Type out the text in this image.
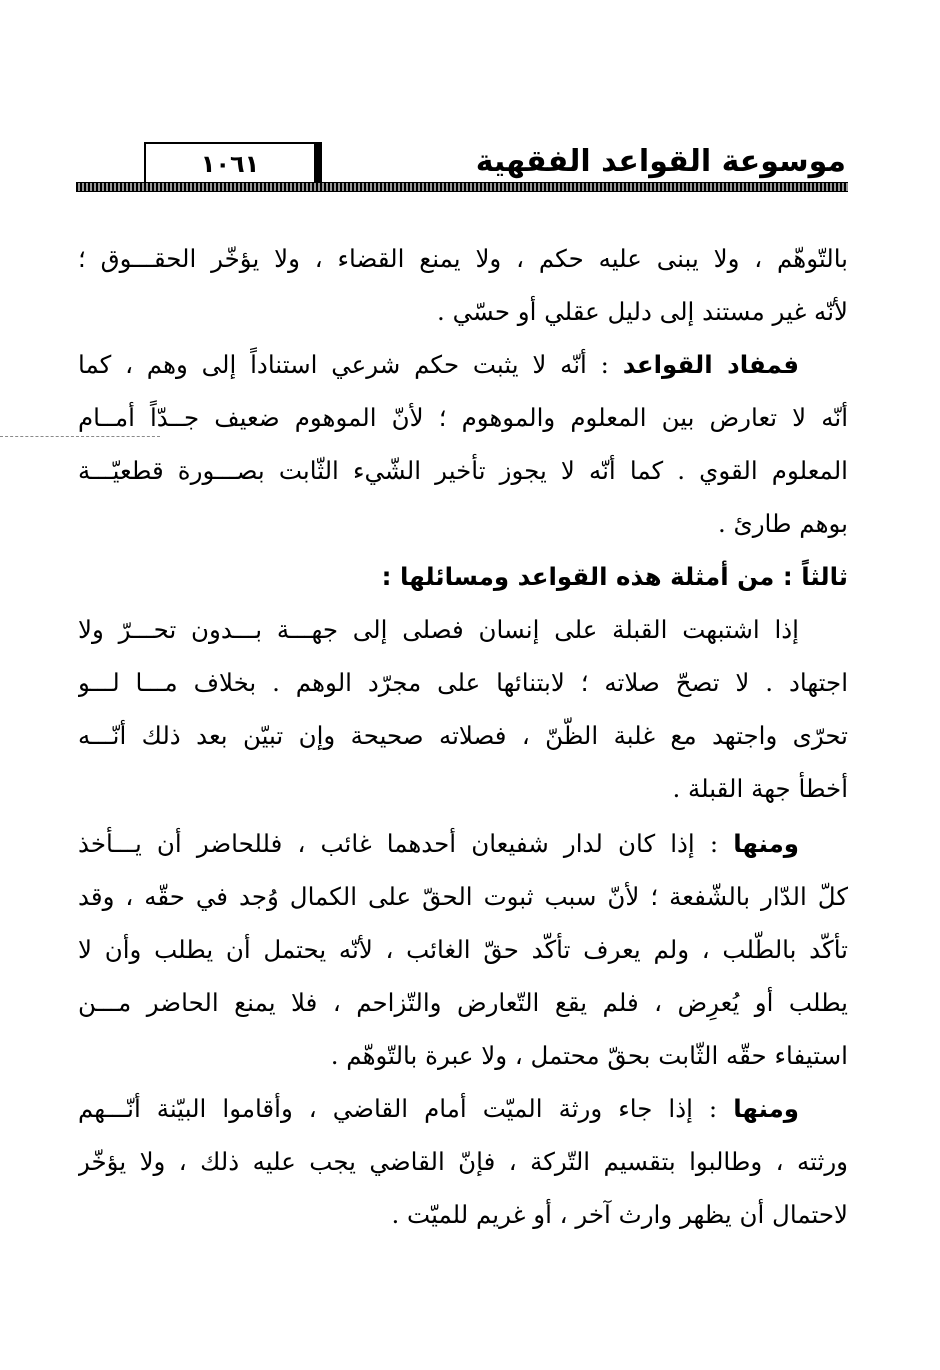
موسوعة القواعد الفقهية
١٠٦١
بالتّوهّم ، ولا يبنى عليه حكم ، ولا يمنع القضاء ، ولا يؤخّر الحقـــوق ؛
لأنّه غير مستند إلى دليل عقلي أو حسّي .
  فمفاد القواعد : أنّه لا يثبت حكم شرعي استناداً إلى وهم ، كما
أنّه لا تعارض بين المعلوم والموهوم ؛ لأنّ الموهوم ضعيف جــدّاً أمــام
المعلوم القوي . كما أنّه لا يجوز تأخير الشّيء الثّابت بصـــورة قطعيّـــة
بوهم طارئ .
ثالثاً : من أمثلة هذه القواعد ومسائلها :
  إذا اشتبهت القبلة على إنسان فصلى إلى جهـــة بـــدون تحـــرّ ولا
اجتهاد . لا تصحّ صلاته ؛ لابتنائها على مجرّد الوهم . بخلاف مـــا لـــو
تحرّى واجتهد مع غلبة الظّنّ ، فصلاته صحيحة وإن تبيّن بعد ذلك أنّـــه
أخطأ جهة القبلة .
  ومنها : إذا كان لدار شفيعان أحدهما غائب ، فللحاضر أن يـــأخذ
كلّ الدّار بالشّفعة ؛ لأنّ سبب ثبوت الحقّ على الكمال وُجد في حقّه ، وقد
تأكّد بالطّلب ، ولم يعرف تأكّد حقّ الغائب ، لأنّه يحتمل أن يطلب وأن لا
يطلب أو يُعرِض ، فلم يقع التّعارض والتّزاحم ، فلا يمنع الحاضر مـــن
استيفاء حقّه الثّابت بحقّ محتمل ، ولا عبرة بالتّوهّم .
  ومنها : إذا جاء ورثة الميّت أمام القاضي ، وأقاموا البيّنة أنّـــهم
ورثته ، وطالبوا بتقسيم التّركة ، فإنّ القاضي يجب عليه ذلك ، ولا يؤخّر
لاحتمال أن يظهر وارث آخر ، أو غريم للميّت .
